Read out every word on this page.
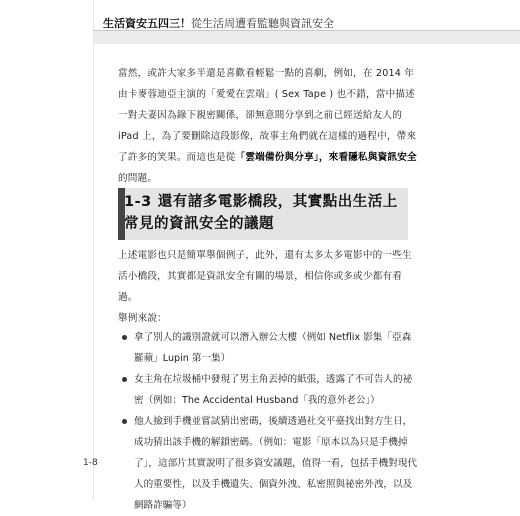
生活資安五四三！從生活周遭看監聽與資訊安全
當然，或許大家多半還是喜歡看輕鬆一點的喜劇，例如，在 2014 年由卡麥蓉迪亞主演的「愛愛在雲端」( Sex Tape ) 也不錯，當中描述一對夫妻因為錄下親密關係，卻無意間分享到之前已經送給友人的 iPad 上，為了要刪除這段影像，故事主角們就在這樣的過程中，帶來了許多的笑果。而這也是從「雲端備份與分享」，來看隱私與資訊安全的問題。
1-3 還有諸多電影橋段，其實點出生活上常見的資訊安全的議題
上述電影也只是簡單舉個例子，此外，還有太多太多電影中的一些生活小橋段，其實都是資訊安全有關的場景，相信你或多或少都有看過。
舉例來說：
拿了別人的識別證就可以潛入辦公大樓（例如 Netflix 影集「亞森羅蘋」Lupin 第一集）
女主角在垃圾桶中發現了男主角丟掉的紙張，透露了不可告人的祕密（例如：The Accidental Husband「我的意外老公」）
他人撿到手機並嘗試猜出密碼，後續透過社交平臺找出對方生日，成功猜出該手機的解鎖密碼。（例如：電影「原本以為只是手機掉了」，這部片其實說明了很多資安議題，值得一看，包括手機對現代人的重要性，以及手機遺失、個資外洩、私密照與祕密外洩，以及網路詐騙等）
1-8
